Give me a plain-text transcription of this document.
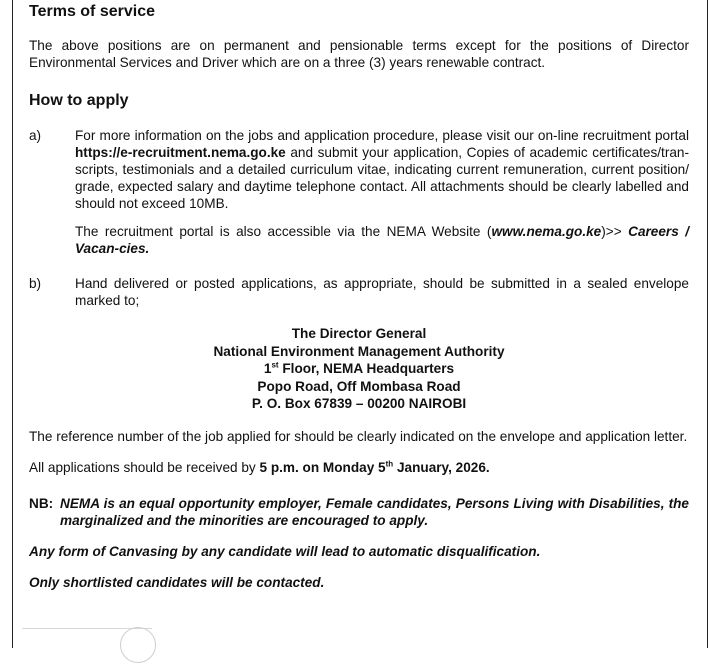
Terms of service

The above positions are on permanent and pensionable terms except for the positions of Director Environmental Services and Driver which are on a three (3) years renewable contract.

How to apply
a) For more information on the jobs and application procedure, please visit our on-line recruitment portal https://e-recruitment.nema.go.ke and submit your application, Copies of academic certificates/tran-scripts, testimonials and a detailed curriculum vitae, indicating current remuneration, current position/ grade, expected salary and daytime telephone contact. All attachments should be clearly labelled and should not exceed 10MB.

The recruitment portal is also accessible via the NEMA Website (www.nema.go.ke)>> Careers / Vacan-cies.

b) Hand delivered or posted applications, as appropriate, should be submitted in a sealed envelope marked to;

The Director General
National Environment Management Authority
1st Floor, NEMA Headquarters
Popo Road, Off Mombasa Road
P. O. Box 67839 – 00200 NAIROBI

The reference number of the job applied for should be clearly indicated on the envelope and application letter.

All applications should be received by 5 p.m. on Monday 5th January, 2026.

NB: NEMA is an equal opportunity employer, Female candidates, Persons Living with Disabilities, the marginalized and the minorities are encouraged to apply.

Any form of Canvasing by any candidate will lead to automatic disqualification.

Only shortlisted candidates will be contacted.
